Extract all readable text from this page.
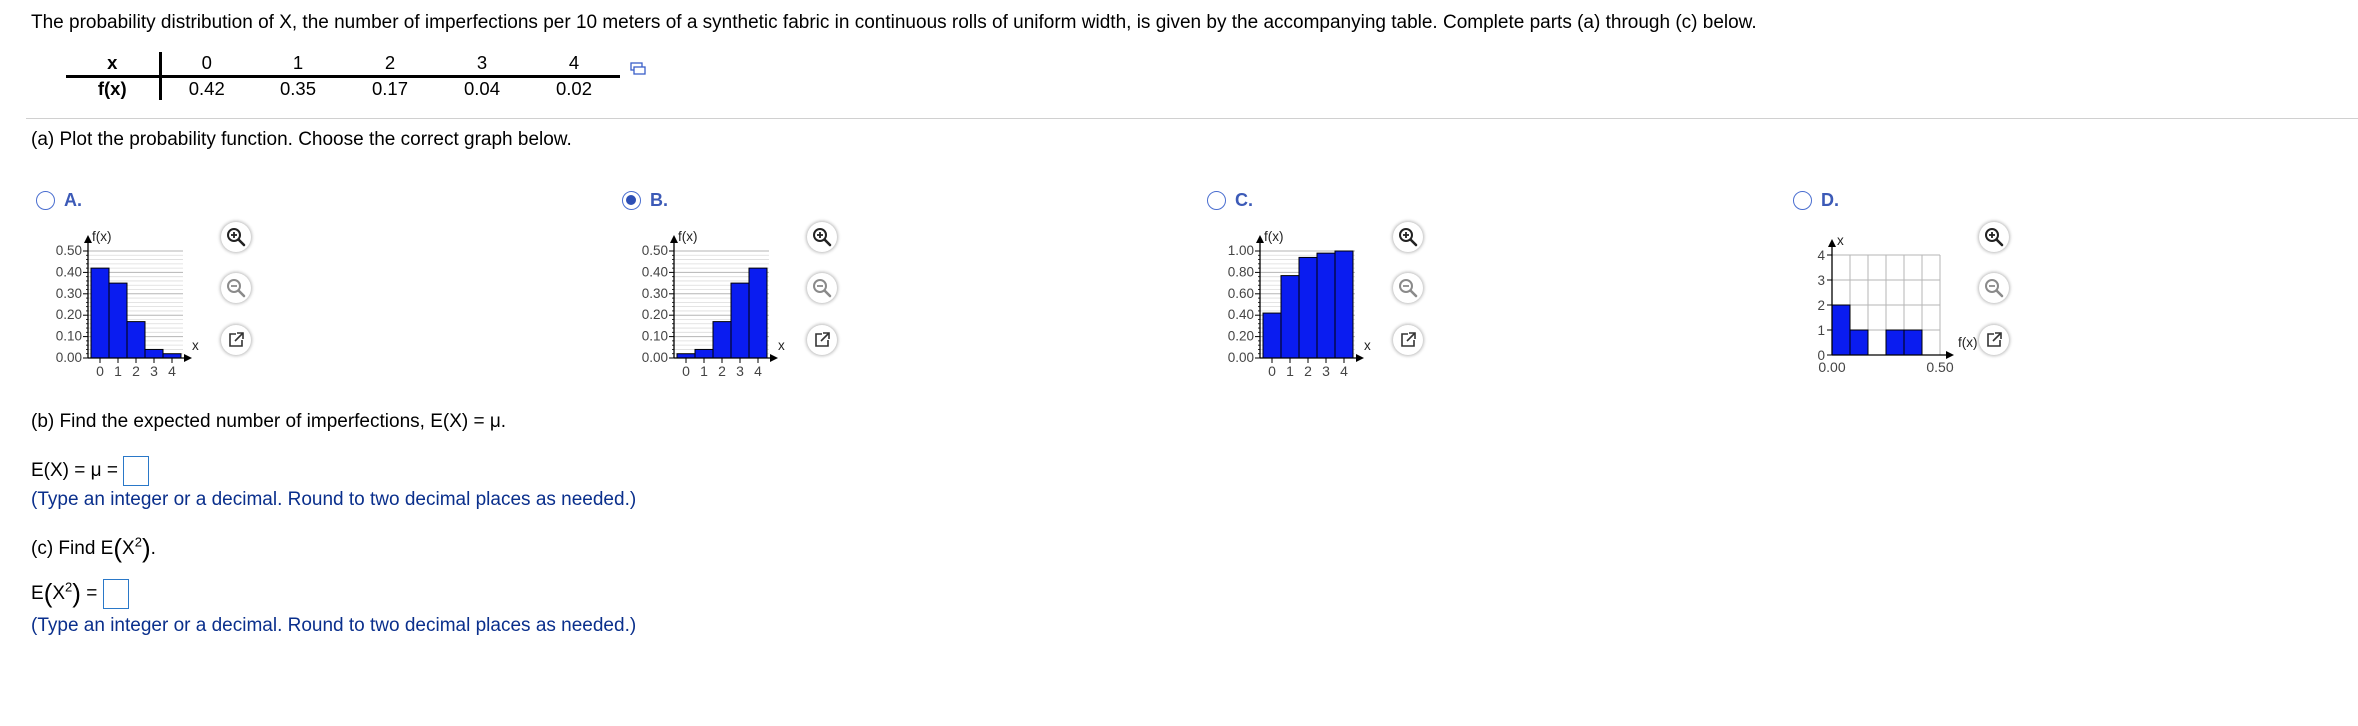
The probability distribution of X, the number of imperfections per 10 meters of a synthetic fabric in continuous rolls of uniform width, is given by the accompanying table. Complete parts (a) through (c) below.
x	0	1	2	3	4
f(x)	0.42	0.35	0.17	0.04	0.02
(a) Plot the probability function. Choose the correct graph below.
A.	B.	C.	D.
0.00
0.10
0.20
0.30
0.40
0.50
0 1 2 3 4
f(x)
x
0.00
0.10
0.20
0.30
0.40
0.50
0 1 2 3 4
f(x)
x
0.00
0.20
0.40
0.60
0.80
1.00
0 1 2 3 4
f(x)
x
0
1
2
3
4
0.00	0.50
x
f(x)
(b) Find the expected number of imperfections, E(X) = μ.
E(X) = μ =
(Type an integer or a decimal. Round to two decimal places as needed.)
(c) Find $E(X^2)$.
$E(X^2)$ =
(Type an integer or a decimal. Round to two decimal places as needed.)
